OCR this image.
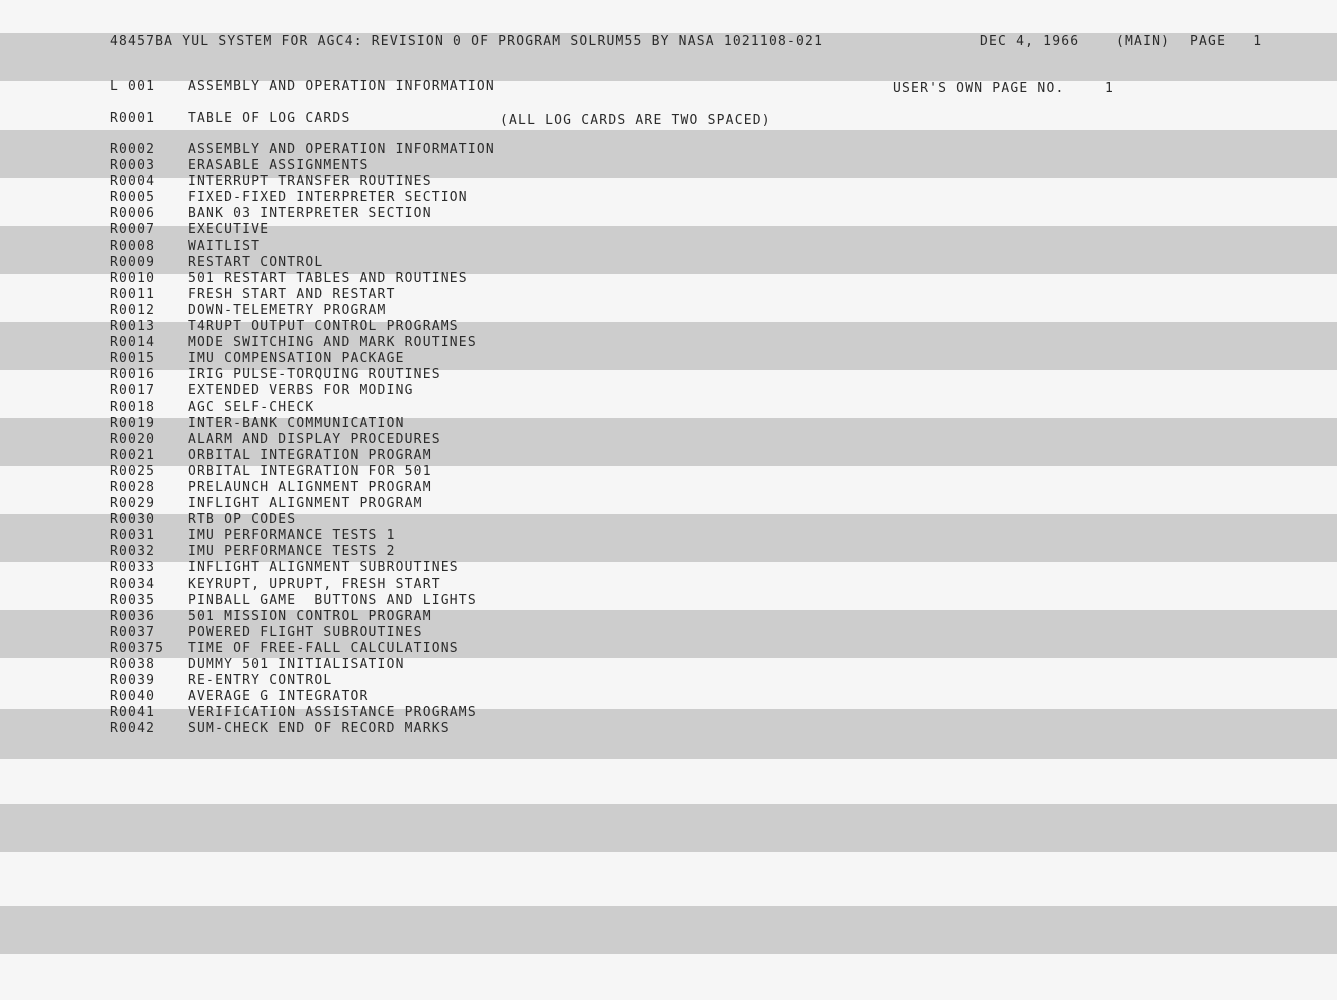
48457BA YUL SYSTEM FOR AGC4: REVISION 0 OF PROGRAM SOLRUM55 BY NASA 1021108-021	DEC 4, 1966	(MAIN) PAGE 1
L 001	ASSEMBLY AND OPERATION INFORMATION	USER'S OWN PAGE NO.	1
R0001	TABLE OF LOG CARDS	(ALL LOG CARDS ARE TWO SPACED)
R0002	ASSEMBLY AND OPERATION INFORMATION
R0003	ERASABLE ASSIGNMENTS
R0004	INTERRUPT TRANSFER ROUTINES
R0005	FIXED-FIXED INTERPRETER SECTION
R0006	BANK 03 INTERPRETER SECTION
R0007	EXECUTIVE
R0008	WAITLIST
R0009	RESTART CONTROL
R0010	501 RESTART TABLES AND ROUTINES
R0011	FRESH START AND RESTART
R0012	DOWN-TELEMETRY PROGRAM
R0013	T4RUPT OUTPUT CONTROL PROGRAMS
R0014	MODE SWITCHING AND MARK ROUTINES
R0015	IMU COMPENSATION PACKAGE
R0016	IRIG PULSE-TORQUING ROUTINES
R0017	EXTENDED VERBS FOR MODING
R0018	AGC SELF-CHECK
R0019	INTER-BANK COMMUNICATION
R0020	ALARM AND DISPLAY PROCEDURES
R0021	ORBITAL INTEGRATION PROGRAM
R0025	ORBITAL INTEGRATION FOR 501
R0028	PRELAUNCH ALIGNMENT PROGRAM
R0029	INFLIGHT ALIGNMENT PROGRAM
R0030	RTB OP CODES
R0031	IMU PERFORMANCE TESTS 1
R0032	IMU PERFORMANCE TESTS 2
R0033	INFLIGHT ALIGNMENT SUBROUTINES
R0034	KEYRUPT, UPRUPT, FRESH START
R0035	PINBALL GAME  BUTTONS AND LIGHTS
R0036	501 MISSION CONTROL PROGRAM
R0037	POWERED FLIGHT SUBROUTINES
R00375 TIME OF FREE-FALL CALCULATIONS
R0038	DUMMY 501 INITIALISATION
R0039	RE-ENTRY CONTROL
R0040	AVERAGE G INTEGRATOR
R0041	VERIFICATION ASSISTANCE PROGRAMS
R0042	SUM-CHECK END OF RECORD MARKS
